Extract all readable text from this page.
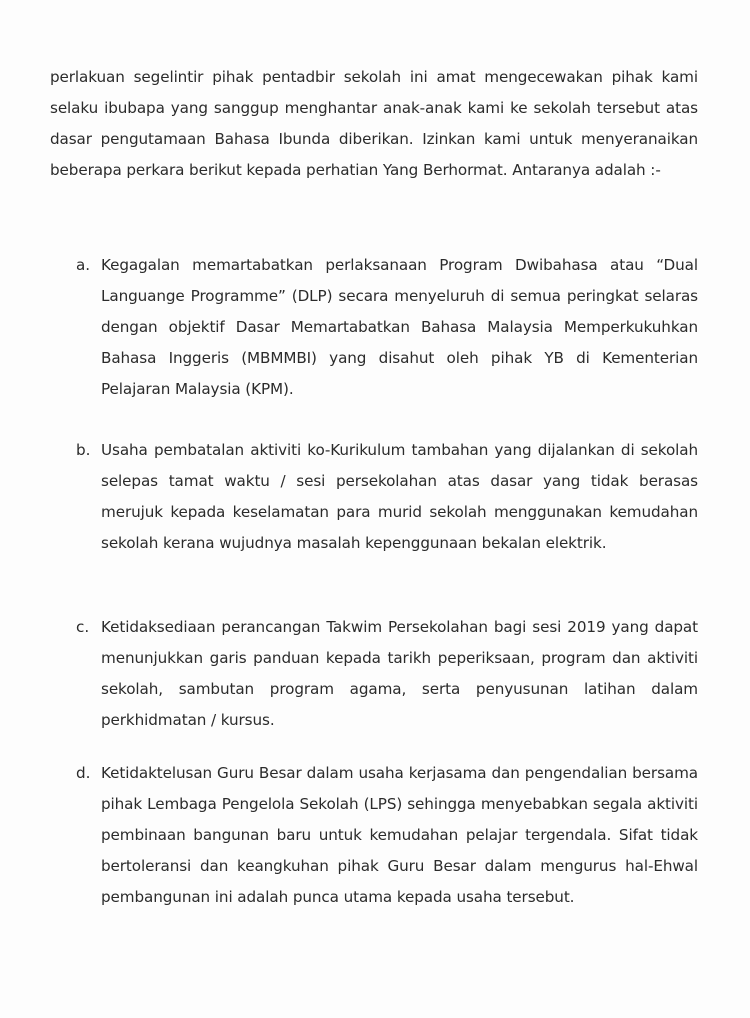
perlakuan segelintir pihak pentadbir sekolah ini amat mengecewakan pihak kami selaku ibubapa yang sanggup menghantar anak-anak kami ke sekolah tersebut atas dasar pengutamaan Bahasa Ibunda diberikan. Izinkan kami untuk menyeranaikan beberapa perkara berikut kepada perhatian Yang Berhormat. Antaranya adalah :-

a. Kegagalan memartabatkan perlaksanaan Program Dwibahasa atau “Dual Languange Programme” (DLP) secara menyeluruh di semua peringkat selaras dengan objektif Dasar Memartabatkan Bahasa Malaysia Memperkukuhkan Bahasa Inggeris (MBMMBI) yang disahut oleh pihak YB di Kementerian Pelajaran Malaysia (KPM).

b. Usaha pembatalan aktiviti ko-Kurikulum tambahan yang dijalankan di sekolah selepas tamat waktu / sesi persekolahan atas dasar yang tidak berasas merujuk kepada keselamatan para murid sekolah menggunakan kemudahan sekolah kerana wujudnya masalah kepenggunaan bekalan elektrik.

c. Ketidaksediaan perancangan Takwim Persekolahan bagi sesi 2019 yang dapat menunjukkan garis panduan kepada tarikh peperiksaan, program dan aktiviti sekolah, sambutan program agama, serta penyusunan latihan dalam perkhidmatan / kursus.

d. Ketidaktelusan Guru Besar dalam usaha kerjasama dan pengendalian bersama pihak Lembaga Pengelola Sekolah (LPS) sehingga menyebabkan segala aktiviti pembinaan bangunan baru untuk kemudahan pelajar tergendala. Sifat tidak bertoleransi dan keangkuhan pihak Guru Besar dalam mengurus hal-Ehwal pembangunan ini adalah punca utama kepada usaha tersebut.
